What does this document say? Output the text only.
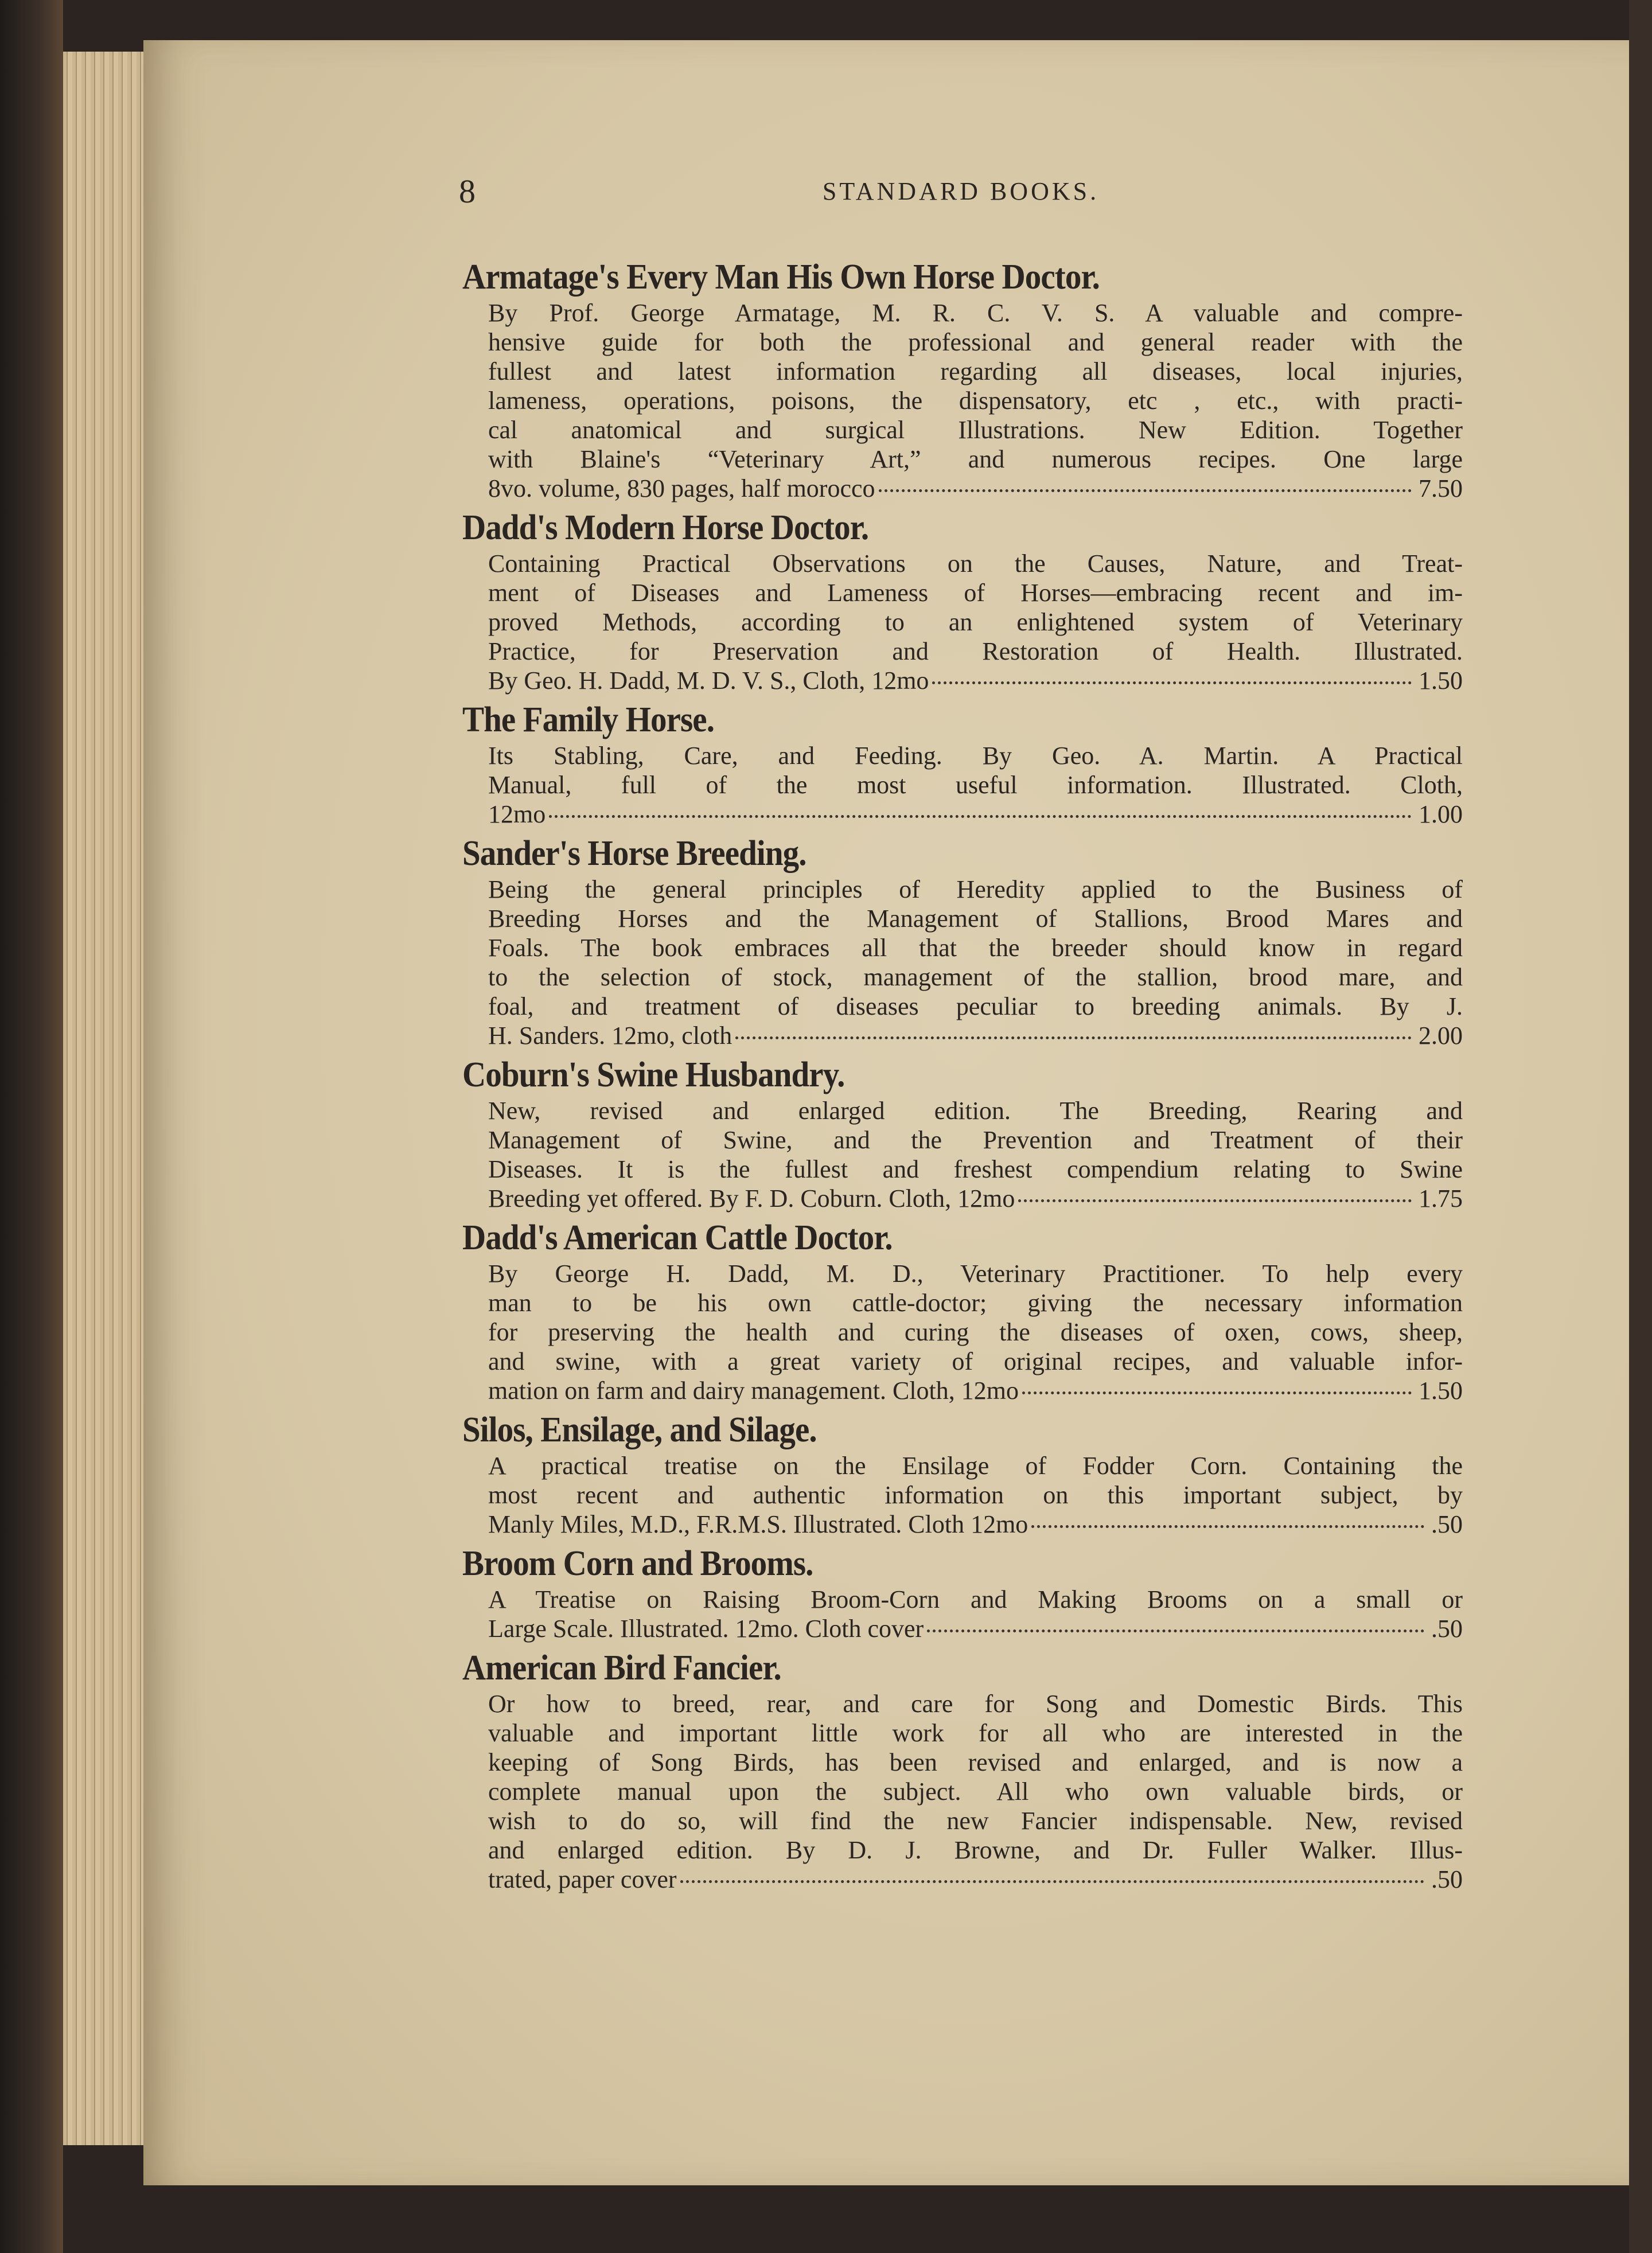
8	STANDARD BOOKS.
Armatage's Every Man His Own Horse Doctor.
By Prof. George Armatage, M. R. C. V. S. A valuable and compre-
hensive guide for both the professional and general reader with the
fullest and latest information regarding all diseases, local injuries,
lameness, operations, poisons, the dispensatory, etc , etc., with practi-
cal anatomical and surgical Illustrations. New Edition. Together
with Blaine's “Veterinary Art,” and numerous recipes. One large
8vo. volume, 830 pages, half morocco	7.50
Dadd's Modern Horse Doctor.
Containing Practical Observations on the Causes, Nature, and Treat-
ment of Diseases and Lameness of Horses—embracing recent and im-
proved Methods, according to an enlightened system of Veterinary
Practice, for Preservation and Restoration of Health. Illustrated.
By Geo. H. Dadd, M. D. V. S., Cloth, 12mo	1.50
The Family Horse.
Its Stabling, Care, and Feeding. By Geo. A. Martin. A Practical
Manual, full of the most useful information. Illustrated. Cloth,
12mo	1.00
Sander's Horse Breeding.
Being the general principles of Heredity applied to the Business of
Breeding Horses and the Management of Stallions, Brood Mares and
Foals. The book embraces all that the breeder should know in regard
to the selection of stock, management of the stallion, brood mare, and
foal, and treatment of diseases peculiar to breeding animals. By J.
H. Sanders. 12mo, cloth	2.00
Coburn's Swine Husbandry.
New, revised and enlarged edition. The Breeding, Rearing and
Management of Swine, and the Prevention and Treatment of their
Diseases. It is the fullest and freshest compendium relating to Swine
Breeding yet offered. By F. D. Coburn. Cloth, 12mo	1.75
Dadd's American Cattle Doctor.
By George H. Dadd, M. D., Veterinary Practitioner. To help every
man to be his own cattle-doctor; giving the necessary information
for preserving the health and curing the diseases of oxen, cows, sheep,
and swine, with a great variety of original recipes, and valuable infor-
mation on farm and dairy management. Cloth, 12mo	1.50
Silos, Ensilage, and Silage.
A practical treatise on the Ensilage of Fodder Corn. Containing the
most recent and authentic information on this important subject, by
Manly Miles, M.D., F.R.M.S. Illustrated. Cloth 12mo	.50
Broom Corn and Brooms.
A Treatise on Raising Broom-Corn and Making Brooms on a small or
Large Scale. Illustrated. 12mo. Cloth cover	.50
American Bird Fancier.
Or how to breed, rear, and care for Song and Domestic Birds. This
valuable and important little work for all who are interested in the
keeping of Song Birds, has been revised and enlarged, and is now a
complete manual upon the subject. All who own valuable birds, or
wish to do so, will find the new Fancier indispensable. New, revised
and enlarged edition. By D. J. Browne, and Dr. Fuller Walker. Illus-
trated, paper cover	.50
